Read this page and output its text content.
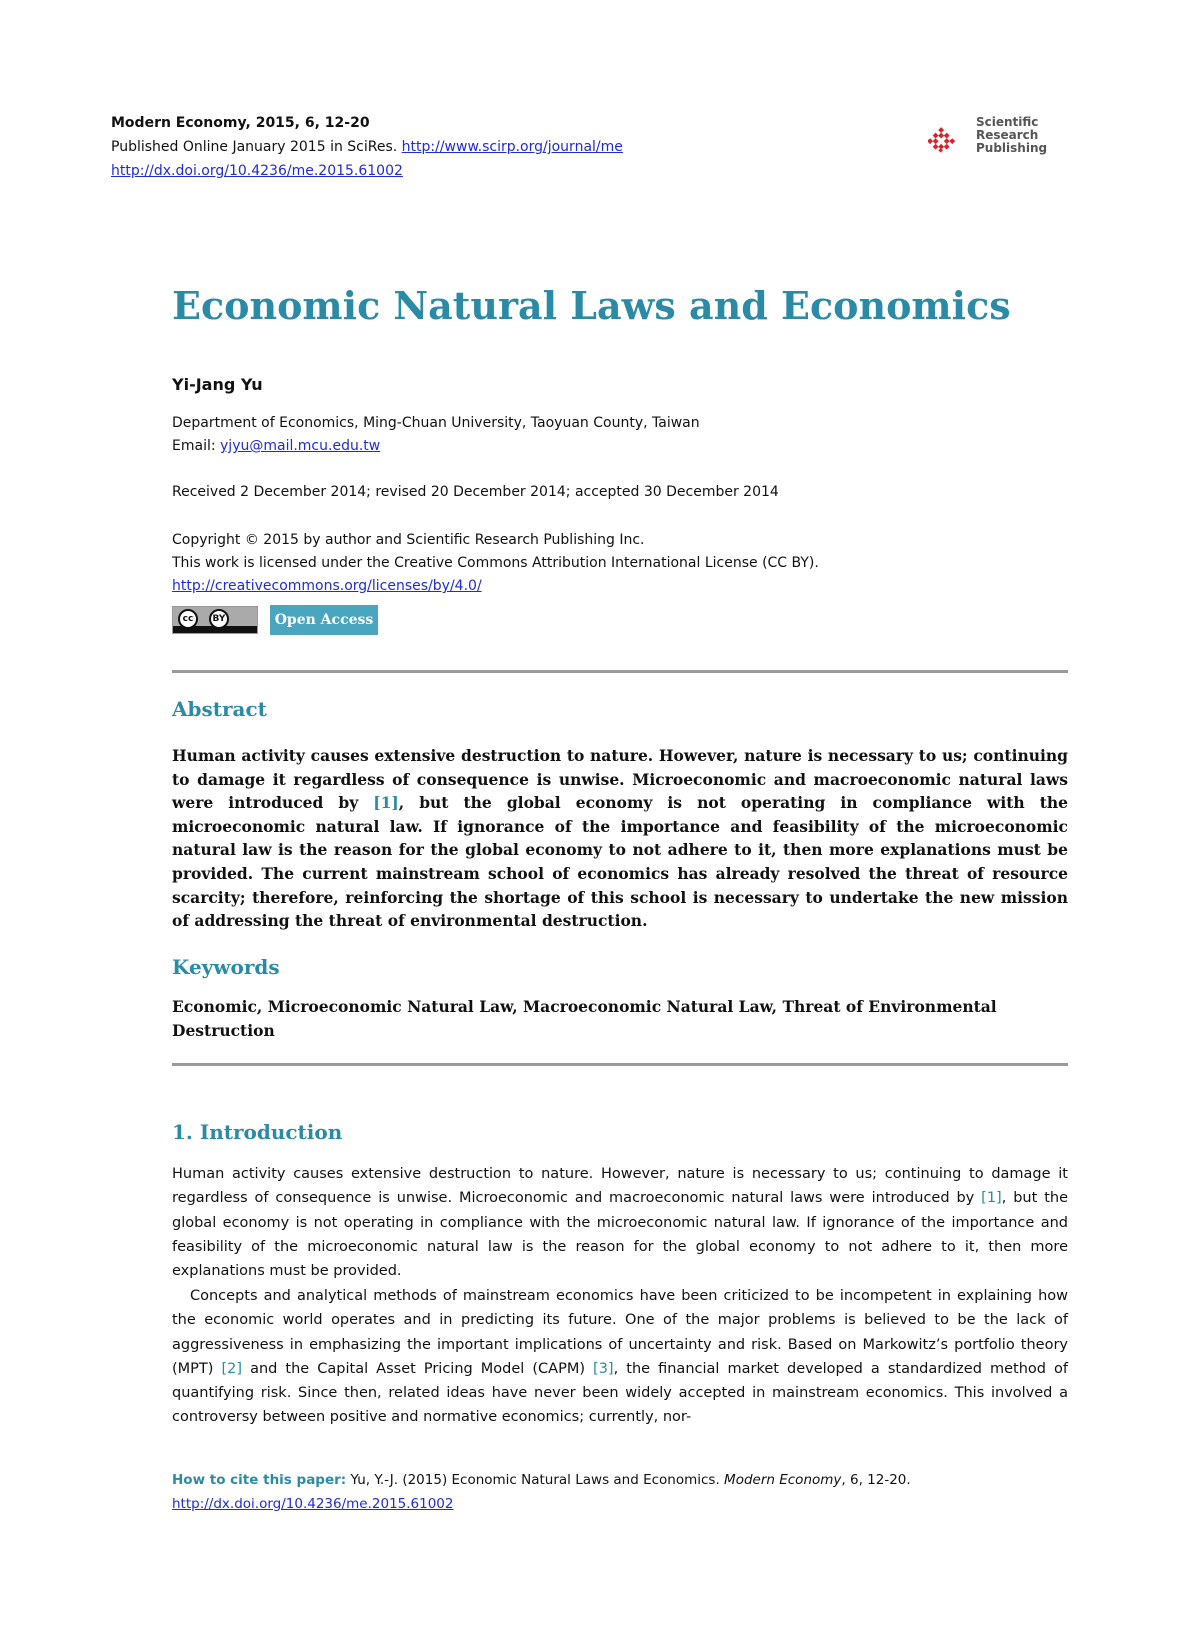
Modern Economy, 2015, 6, 12-20
Published Online January 2015 in SciRes. http://www.scirp.org/journal/me
http://dx.doi.org/10.4236/me.2015.61002
Scientific
Research
Publishing
Economic Natural Laws and Economics
Yi-Jang Yu
Department of Economics, Ming-Chuan University, Taoyuan County, Taiwan
Email: yjyu@mail.mcu.edu.tw
Received 2 December 2014; revised 20 December 2014; accepted 30 December 2014
Copyright © 2015 by author and Scientific Research Publishing Inc.
This work is licensed under the Creative Commons Attribution International License (CC BY).
http://creativecommons.org/licenses/by/4.0/
cc	BY	Open Access
Abstract

Human activity causes extensive destruction to nature. However, nature is necessary to us; continuing to damage it regardless of consequence is unwise. Microeconomic and macroeconomic natural laws were introduced by [1], but the global economy is not operating in compliance with the microeconomic natural law. If ignorance of the importance and feasibility of the microeconomic natural law is the reason for the global economy to not adhere to it, then more explanations must be provided. The current mainstream school of economics has already resolved the threat of resource scarcity; therefore, reinforcing the shortage of this school is necessary to undertake the new mission of addressing the threat of environmental destruction.

Keywords

Economic, Microeconomic Natural Law, Macroeconomic Natural Law, Threat of Environmental Destruction

1. Introduction

Human activity causes extensive destruction to nature. However, nature is necessary to us; continuing to damage it regardless of consequence is unwise. Microeconomic and macroeconomic natural laws were introduced by [1], but the global economy is not operating in compliance with the microeconomic natural law. If ignorance of the importance and feasibility of the microeconomic natural law is the reason for the global economy to not adhere to it, then more explanations must be provided.

Concepts and analytical methods of mainstream economics have been criticized to be incompetent in explaining how the economic world operates and in predicting its future. One of the major problems is believed to be the lack of aggressiveness in emphasizing the important implications of uncertainty and risk. Based on Markowitz’s portfolio theory (MPT) [2] and the Capital Asset Pricing Model (CAPM) [3], the financial market developed a standardized method of quantifying risk. Since then, related ideas have never been widely accepted in mainstream economics. This involved a controversy between positive and normative economics; currently, nor-

How to cite this paper: Yu, Y.-J. (2015) Economic Natural Laws and Economics. Modern Economy, 6, 12-20.
http://dx.doi.org/10.4236/me.2015.61002
